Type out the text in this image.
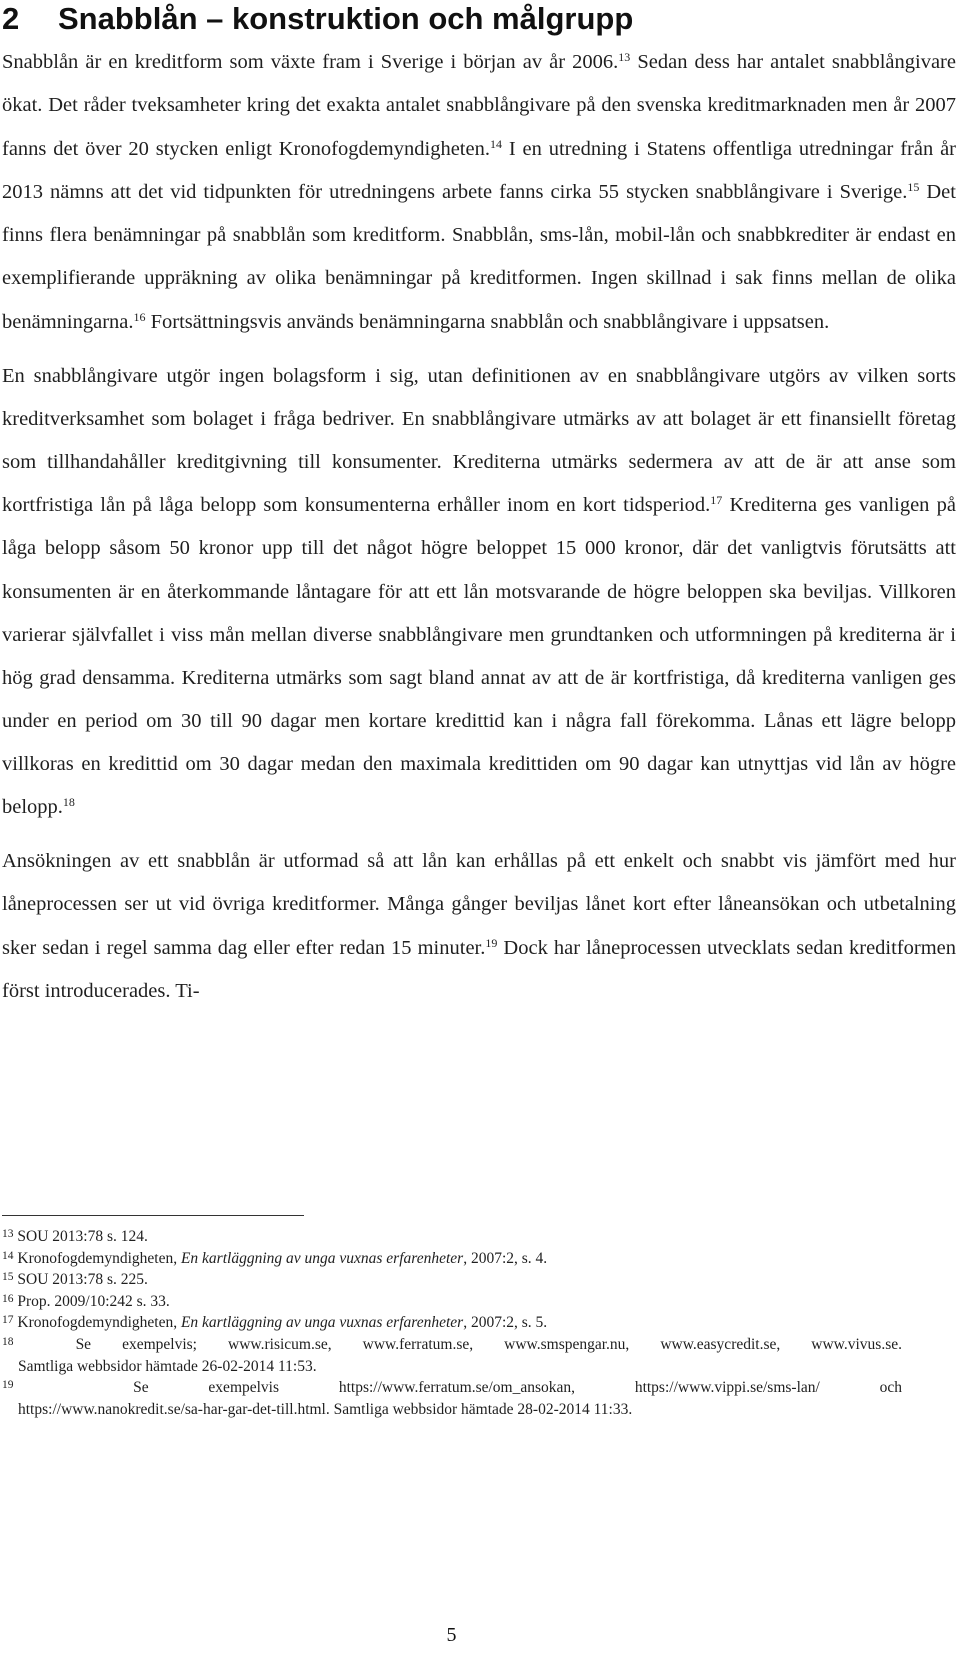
2 Snabblån – konstruktion och målgrupp

Snabblån är en kreditform som växte fram i Sverige i början av år 2006.13 Sedan dess har antalet snabblångivare ökat. Det råder tveksamheter kring det exakta antalet snabblångivare på den svenska kreditmarknaden men år 2007 fanns det över 20 stycken enligt Kronofogdemyndigheten.$^{14}$ I en utredning i Statens offentliga utredningar från år 2013 nämns att det vid tidpunkten för utredningens arbete fanns cirka 55 stycken snabblångivare i Sverige.$^{15}$ Det finns flera benämningar på snabblån som kreditform. Snabblån, sms-lån, mobil-lån och snabbkrediter är endast en exemplifierande uppräkning av olika benämningar på kreditformen. Ingen skillnad i sak finns mellan de olika benämningarna.$^{16}$ Fortsättningsvis används benämningarna snabblån och snabblångivare i uppsatsen.

En snabblångivare utgör ingen bolagsform i sig, utan definitionen av en snabblångivare utgörs av vilken sorts kreditverksamhet som bolaget i fråga bedriver. En snabblångivare utmärks av att bolaget är ett finansiellt företag som tillhandahåller kreditgivning till konsumenter. Krediterna utmärks sedermera av att de är att anse som kortfristiga lån på låga belopp som konsumenterna erhåller inom en kort tidsperiod.$^{17}$ Krediterna ges vanligen på låga belopp såsom 50 kronor upp till det något högre beloppet 15 000 kronor, där det vanligtvis förutsätts att konsumenten är en återkommande låntagare för att ett lån motsvarande de högre beloppen ska beviljas. Villkoren varierar självfallet i viss mån mellan diverse snabblångivare men grundtanken och utformningen på krediterna är i hög grad densamma. Krediterna utmärks som sagt bland annat av att de är kortfristiga, då krediterna vanligen ges under en period om 30 till 90 dagar men kortare kredittid kan i några fall förekomma. Lånas ett lägre belopp villkoras en kredittid om 30 dagar medan den maximala kredittiden om 90 dagar kan utnyttjas vid lån av högre belopp.$^{18}$

Ansökningen av ett snabblån är utformad så att lån kan erhållas på ett enkelt och snabbt vis jämfört med hur låneprocessen ser ut vid övriga kreditformer. Många gånger beviljas lånet kort efter låneansökan och utbetalning sker sedan i regel samma dag eller efter redan 15 minuter.$^{19}$ Dock har låneprocessen utvecklats sedan kreditformen först introducerades. Ti-

$^{13}$ SOU 2013:78 s. 124.

$^{14}$ Kronofogdemyndigheten, En kartläggning av unga vuxnas erfarenheter, 2007:2, s. 4.

$^{15}$ SOU 2013:78 s. 225.

$^{16}$ Prop. 2009/10:242 s. 33.

$^{17}$ Kronofogdemyndigheten, En kartläggning av unga vuxnas erfarenheter, 2007:2, s. 5.

$^{18}$	Se exempelvis; www.risicum.se, www.ferratum.se, www.smspengar.nu, www.easycredit.se, www.vivus.se.

Samtliga webbsidor hämtade 26-02-2014 11:53.

$^{19}$	Se exempelvis https://www.ferratum.se/om_ansokan, https://www.vippi.se/sms-lan/ och

https://www.nanokredit.se/sa-har-gar-det-till.html. Samtliga webbsidor hämtade 28-02-2014 11:33.

5
